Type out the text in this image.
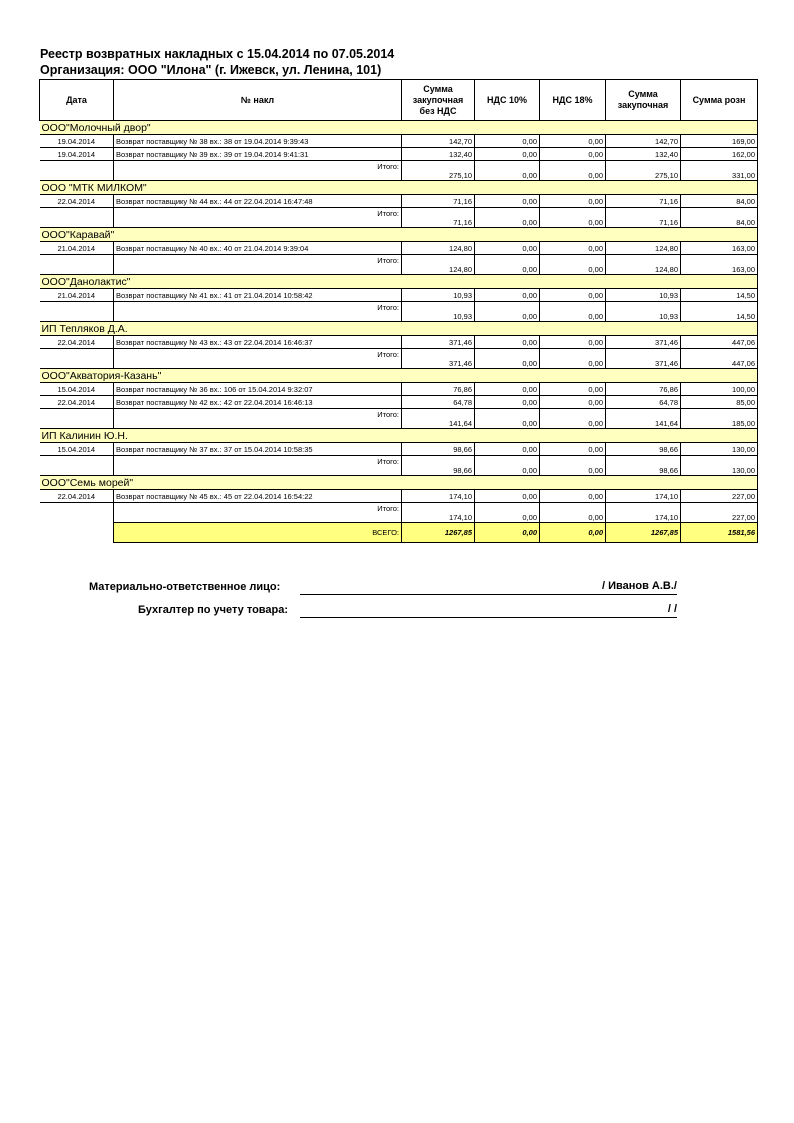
Реестр возвратных накладных с 15.04.2014 по 07.05.2014
Организация: ООО "Илона" (г. Ижевск, ул. Ленина, 101)
Дата	№ накл	Сумма закупочная без НДС	НДС 10%	НДС 18%	Сумма закупочная	Сумма розн
ООО"Молочный двор"						
19.04.2014	Возврат поставщику № 38 вх.: 38 от 19.04.2014 9:39:43	142,70	0,00	0,00	142,70	169,00
19.04.2014	Возврат поставщику № 39 вх.: 39 от 19.04.2014 9:41:31	132,40	0,00	0,00	132,40	162,00
	Итого:	275,10	0,00	0,00	275,10	331,00
ООО "МТК МИЛКОМ"						
22.04.2014	Возврат поставщику № 44 вх.: 44 от 22.04.2014 16:47:48	71,16	0,00	0,00	71,16	84,00
	Итого:	71,16	0,00	0,00	71,16	84,00
ООО"Каравай"						
21.04.2014	Возврат поставщику № 40 вх.: 40 от 21.04.2014 9:39:04	124,80	0,00	0,00	124,80	163,00
	Итого:	124,80	0,00	0,00	124,80	163,00
ООО"Данолактис"						
21.04.2014	Возврат поставщику № 41 вх.: 41 от 21.04.2014 10:58:42	10,93	0,00	0,00	10,93	14,50
	Итого:	10,93	0,00	0,00	10,93	14,50
ИП Тепляков Д.А.						
22.04.2014	Возврат поставщику № 43 вх.: 43 от 22.04.2014 16:46:37	371,46	0,00	0,00	371,46	447,06
	Итого:	371,46	0,00	0,00	371,46	447,06
ООО"Акватория-Казань"						
15.04.2014	Возврат поставщику № 36 вх.: 106 от 15.04.2014 9:32:07	76,86	0,00	0,00	76,86	100,00
22.04.2014	Возврат поставщику № 42 вх.: 42 от 22.04.2014 16:46:13	64,78	0,00	0,00	64,78	85,00
	Итого:	141,64	0,00	0,00	141,64	185,00
ИП Калинин Ю.Н.						
15.04.2014	Возврат поставщику № 37 вх.: 37 от 15.04.2014 10:58:35	98,66	0,00	0,00	98,66	130,00
	Итого:	98,66	0,00	0,00	98,66	130,00
ООО"Семь морей"						
22.04.2014	Возврат поставщику № 45 вх.: 45 от 22.04.2014 16:54:22	174,10	0,00	0,00	174,10	227,00
	Итого:	174,10	0,00	0,00	174,10	227,00
	ВСЕГО:	1267,85	0,00	0,00	1267,85	1581,56
Материально-ответственное лицо:	/ Иванов А.В./
Бухгалтер по учету товара:	/ /
